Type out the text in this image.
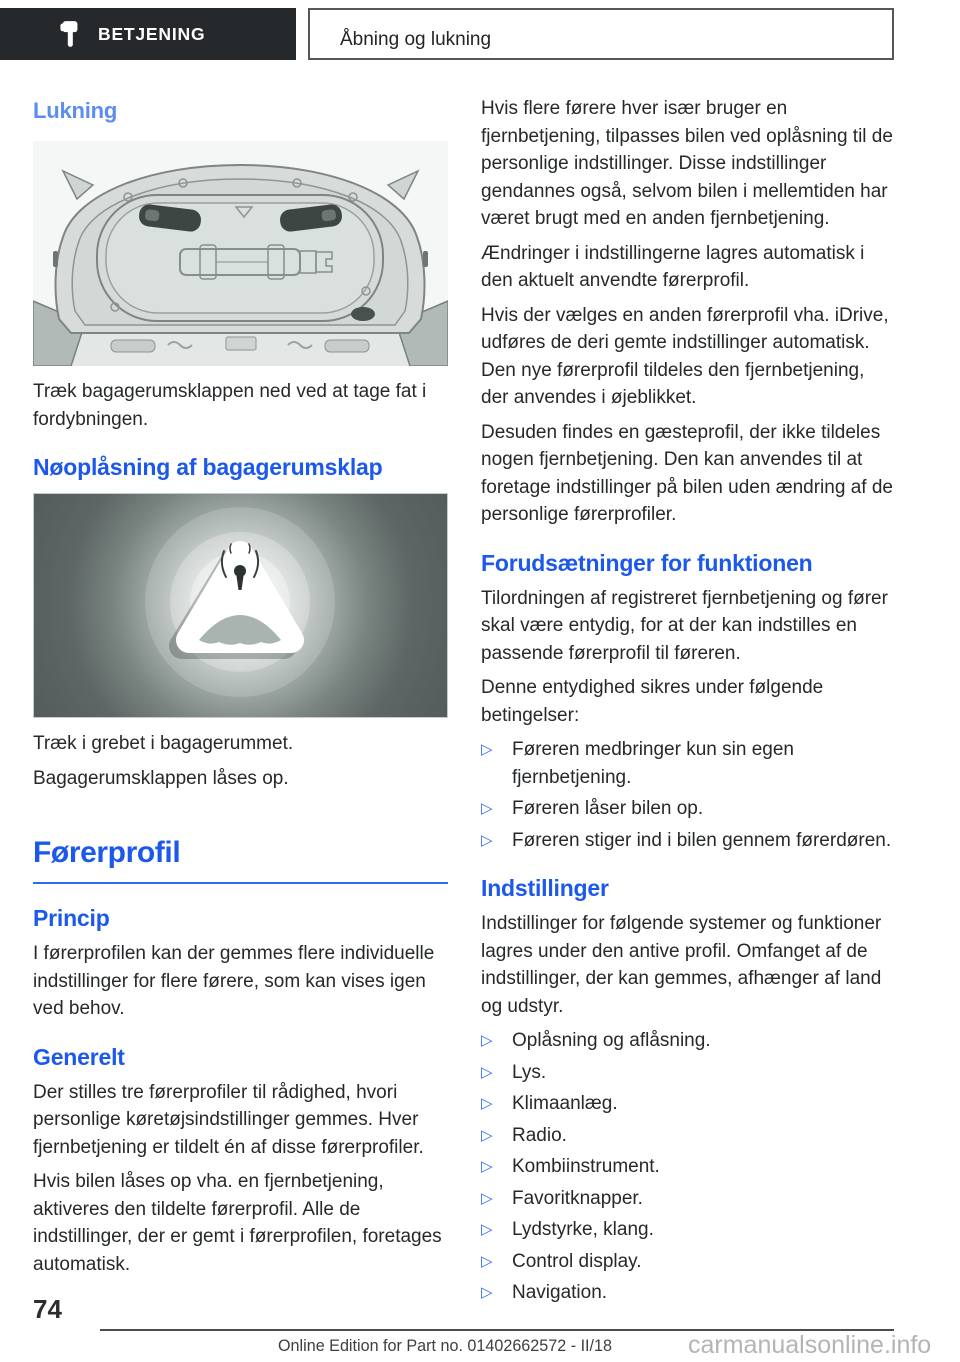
BETJENING	Åbning og lukning
Lukning

Træk bagagerumsklappen ned ved at tage fat i fordybningen.

Nøoplåsning af bagagerumsklap

Træk i grebet i bagagerummet.

Bagagerumsklappen låses op.

Førerprofil
Princip

I førerprofilen kan der gemmes flere individuelle indstillinger for flere førere, som kan vises igen ved behov.

Generelt

Der stilles tre førerprofiler til rådighed, hvori personlige køretøjsindstillinger gemmes. Hver fjernbetjening er tildelt én af disse førerprofiler.

Hvis bilen låses op vha. en fjernbetjening, aktiveres den tildelte førerprofil. Alle de indstillinger, der er gemt i førerprofilen, foretages automatisk.

Hvis flere førere hver især bruger en fjernbetjening, tilpasses bilen ved oplåsning til de personlige indstillinger. Disse indstillinger gendannes også, selvom bilen i mellemtiden har været brugt med en anden fjernbetjening.

Ændringer i indstillingerne lagres automatisk i den aktuelt anvendte førerprofil.

Hvis der vælges en anden førerprofil vha. iDrive, udføres de deri gemte indstillinger automatisk. Den nye førerprofil tildeles den fjernbetjening, der anvendes i øjeblikket.

Desuden findes en gæsteprofil, der ikke tildeles nogen fjernbetjening. Den kan anvendes til at foretage indstillinger på bilen uden ændring af de personlige førerprofiler.

Forudsætninger for funktionen

Tilordningen af registreret fjernbetjening og fører skal være entydig, for at der kan indstilles en passende førerprofil til føreren.

Denne entydighed sikres under følgende betingelser:

▷	Føreren medbringer kun sin egen fjernbetjening.
▷	Føreren låser bilen op.
▷	Føreren stiger ind i bilen gennem førerdøren.
Indstillinger

Indstillinger for følgende systemer og funktioner lagres under den antive profil. Omfanget af de indstillinger, der kan gemmes, afhænger af land og udstyr.

▷	Oplåsning og aflåsning.
▷	Lys.
▷	Klimaanlæg.
▷	Radio.
▷	Kombiinstrument.
▷	Favoritknapper.
▷	Lydstyrke, klang.
▷	Control display.
▷	Navigation.
74
Online Edition for Part no. 01402662572 - II/18	carmanualsonline.info
